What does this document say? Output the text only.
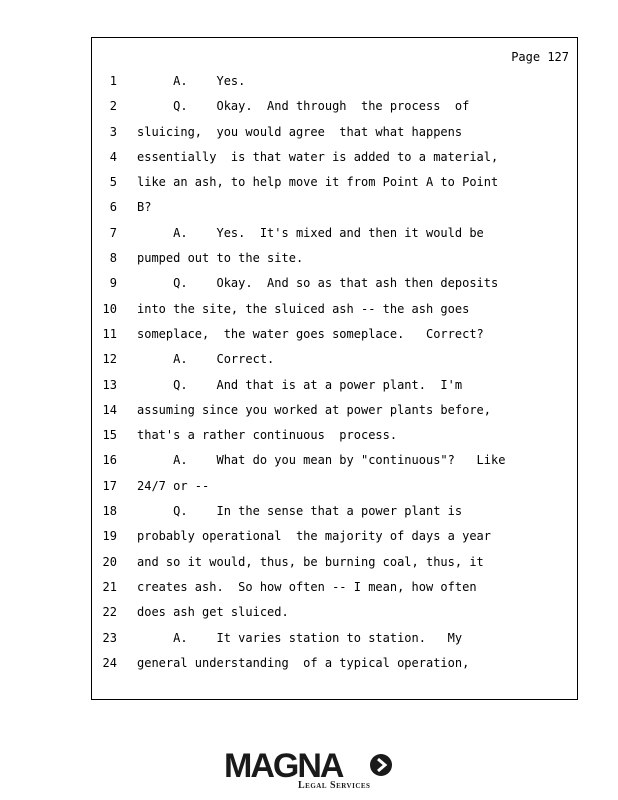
Page 127
1 A.    Yes.
2 Q.    Okay.  And through  the process  of
3 sluicing,  you would agree  that what happens
4 essentially  is that water is added to a material,
5 like an ash, to help move it from Point A to Point
6 B?
7 A.    Yes.  It's mixed and then it would be
8 pumped out to the site.
9 Q.    Okay.  And so as that ash then deposits
10 into the site, the sluiced ash -- the ash goes
11 someplace,  the water goes someplace.   Correct?
12 A.    Correct.
13 Q.    And that is at a power plant.  I'm
14 assuming since you worked at power plants before,
15 that's a rather continuous  process.
16 A.    What do you mean by "continuous"?   Like
17 24/7 or --
18 Q.    In the sense that a power plant is
19 probably operational  the majority of days a year
20 and so it would, thus, be burning coal, thus, it
21 creates ash.  So how often -- I mean, how often
22 does ash get sluiced.
23 A.    It varies station to station.   My
24 general understanding  of a typical operation,
MAGNA
Legal Services
